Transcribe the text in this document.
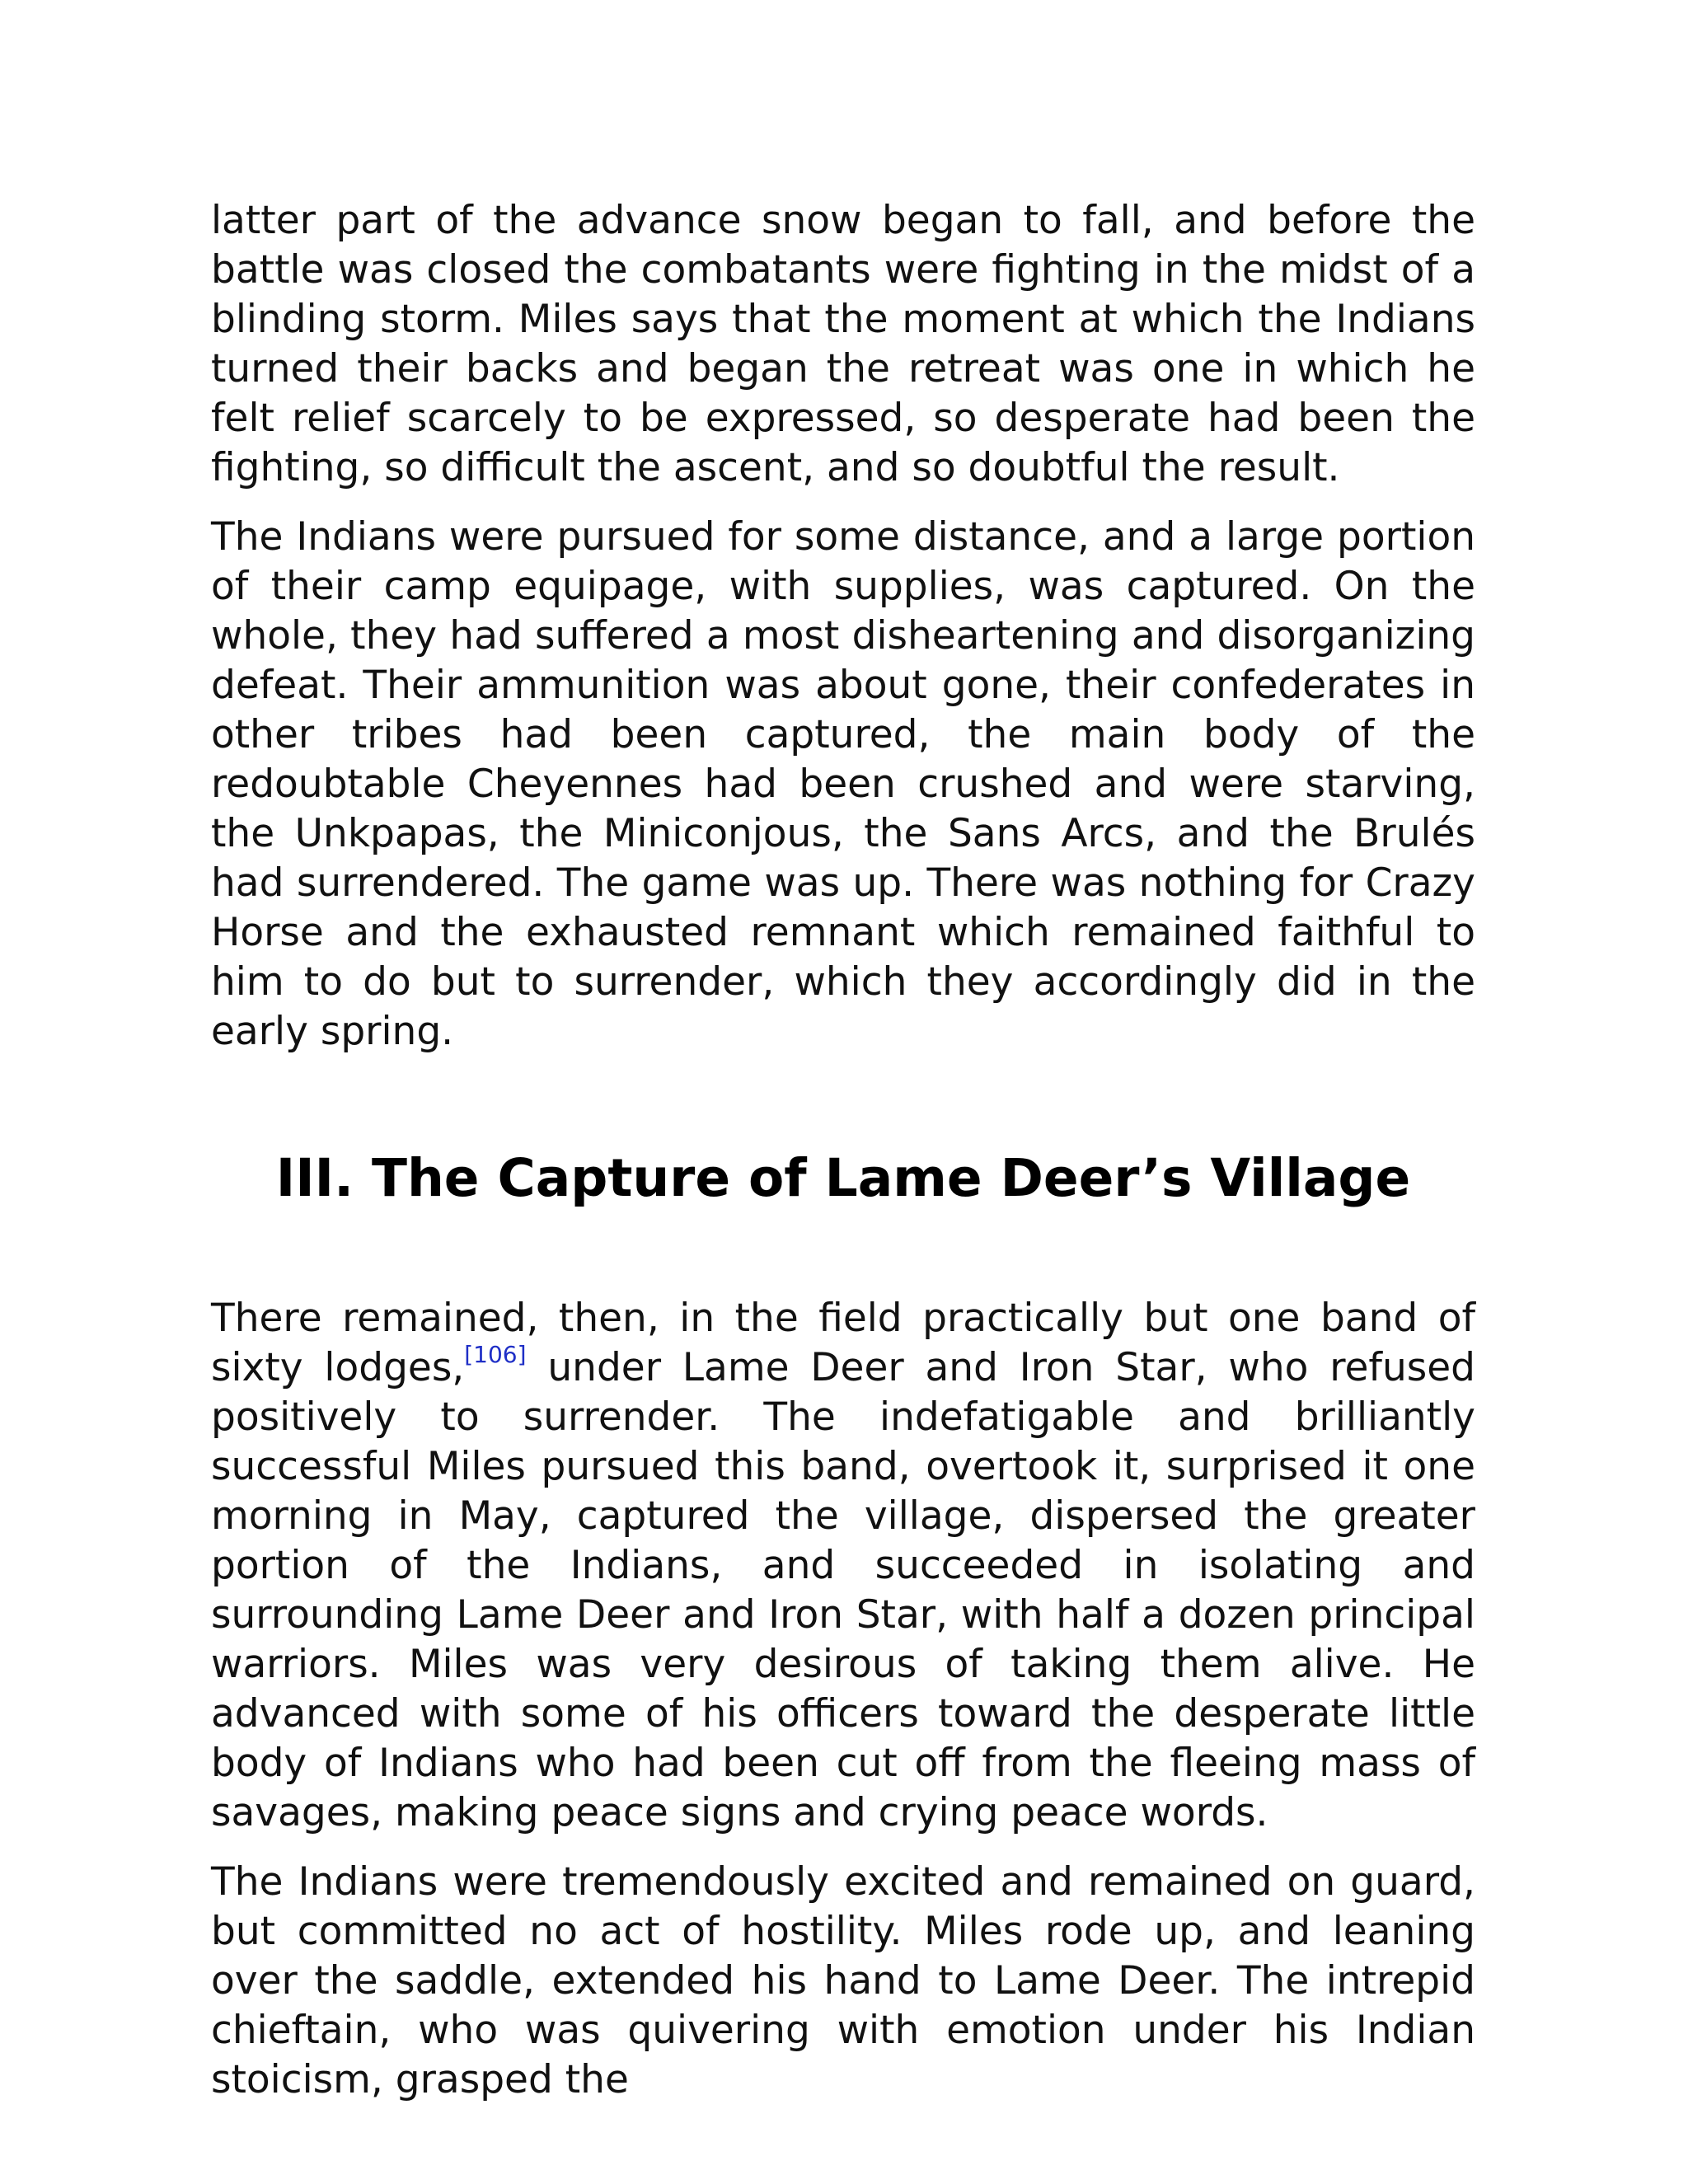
latter part of the advance snow began to fall, and before the battle was closed the combatants were fighting in the midst of a blinding storm. Miles says that the moment at which the Indians turned their backs and began the retreat was one in which he felt relief scarcely to be expressed, so desperate had been the fighting, so difficult the ascent, and so doubtful the result.

The Indians were pursued for some distance, and a large portion of their camp equipage, with supplies, was captured. On the whole, they had suffered a most disheartening and disorganizing defeat. Their ammunition was about gone, their confederates in other tribes had been captured, the main body of the redoubtable Cheyennes had been crushed and were starving, the Unkpapas, the Miniconjous, the Sans Arcs, and the Brulés had surrendered. The game was up. There was nothing for Crazy Horse and the exhausted remnant which remained faithful to him to do but to surrender, which they accordingly did in the early spring.

III. The Capture of Lame Deer’s Village

There remained, then, in the field practically but one band of sixty lodges,[106] under Lame Deer and Iron Star, who refused positively to surrender. The indefatigable and brilliantly successful Miles pursued this band, overtook it, surprised it one morning in May, captured the village, dispersed the greater portion of the Indians, and succeeded in isolating and surrounding Lame Deer and Iron Star, with half a dozen principal warriors. Miles was very desirous of taking them alive. He advanced with some of his officers toward the desperate little body of Indians who had been cut off from the fleeing mass of savages, making peace signs and crying peace words.

The Indians were tremendously excited and remained on guard, but committed no act of hostility. Miles rode up, and leaning over the saddle, extended his hand to Lame Deer. The intrepid chieftain, who was quivering with emotion under his Indian stoicism, grasped the
